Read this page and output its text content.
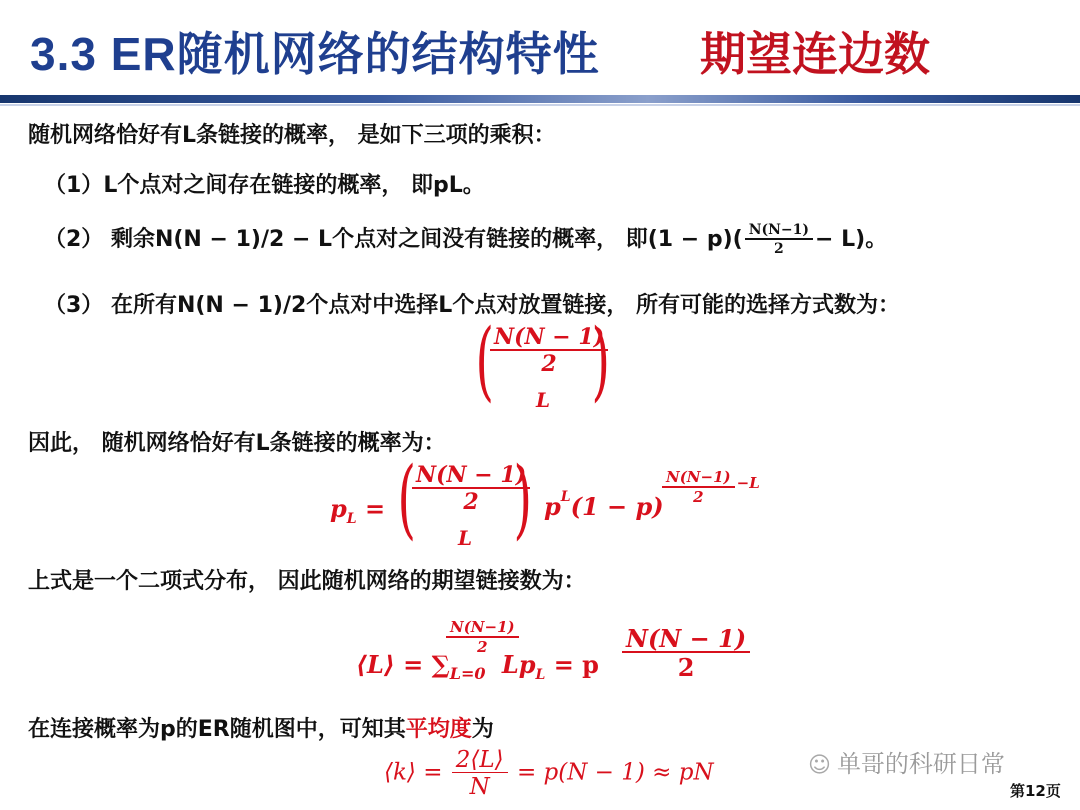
3.3 ER随机网络的结构特性 期望连边数
随机网络恰好有L条链接的概率， 是如下三项的乘积：
（1）L个点对之间存在链接的概率， 即pL。
（2） 剩余N(N − 1)/2 − L个点对之间没有链接的概率， 即$(1 - p)( \frac{N(N-1)}{2} - L)$。
（3） 在所有N(N − 1)/2个点对中选择L个点对放置链接， 所有可能的选择方式数为：
( )
$\frac{N(N - 1)}{2}$
L
因此， 随机网络恰好有L条链接的概率为：
$p_L$ = ( )
$\frac{N(N - 1)}{2}$
L
$p^L(1 - p)$
$\frac{N(N-1)}{2} -L$
上式是一个二项式分布， 因此随机网络的期望链接数为：
$\frac{N(N-1)}{2}$
⟨L⟩ = $\sum_{L=0}$ $Lp_L = p \frac{N(N - 1)}{2}$
在连接概率为p的ER随机图中，可知其平均度为
⟨k⟩ = $\frac{2⟨L⟩}{N} = p(N - 1)$ ≈ pN	☺ 单哥的科研日常
第12页
